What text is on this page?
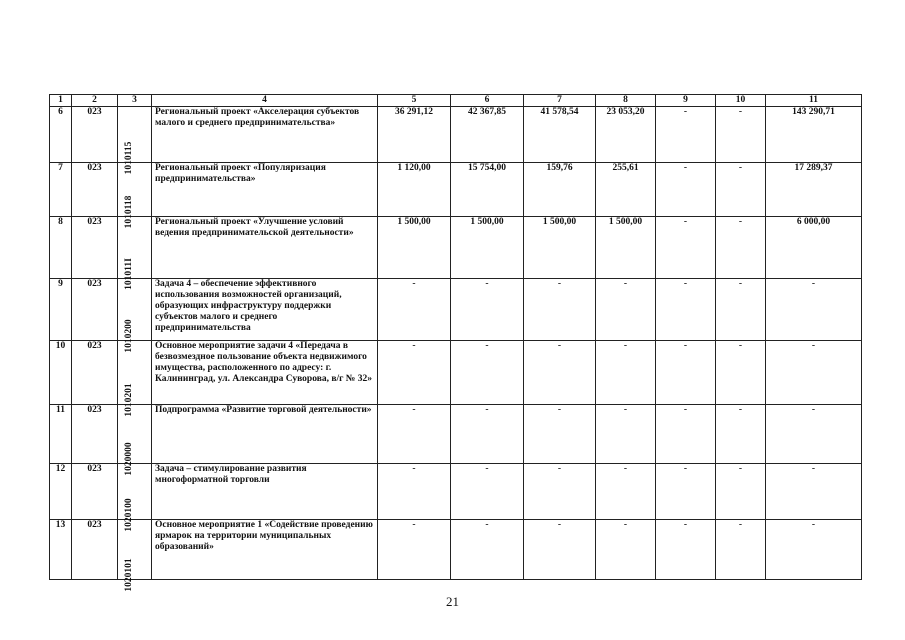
1	2	3	4	5	6	7	8	9	10	11
6	023	1010115	Региональный проект «Акселерация субъектов малого и среднего предпринимательства»	36 291,12	42 367,85	41 578,54	23 053,20	-	-	143 290,71
7	023	1010118	Региональный проект «Популяризация предпринимательства»	1 120,00	15 754,00	159,76	255,61	-	-	17 289,37
8	023	101011I	Региональный проект «Улучшение условий ведения предпринимательской деятельности»	1 500,00	1 500,00	1 500,00	1 500,00	-	-	6 000,00
9	023	1010200	Задача 4 – обеспечение эффективного использования возможностей организаций, образующих инфраструктуру поддержки субъектов малого и среднего предпринимательства	-	-	-	-	-	-	-
10	023	1010201	Основное мероприятие задачи 4 «Передача в безвозмездное пользование объекта недвижимого имущества, расположенного по адресу: г. Калининград, ул. Александра Суворова, в/г № 32»	-	-	-	-	-	-	-
11	023	1020000	Подпрограмма «Развитие торговой деятельности»	-	-	-	-	-	-	-
12	023	1020100	Задача – стимулирование развития многоформатной торговли	-	-	-	-	-	-	-
13	023	1020101	Основное мероприятие 1 «Содействие проведению ярмарок на территории муниципальных образований»	-	-	-	-	-	-	-
21
